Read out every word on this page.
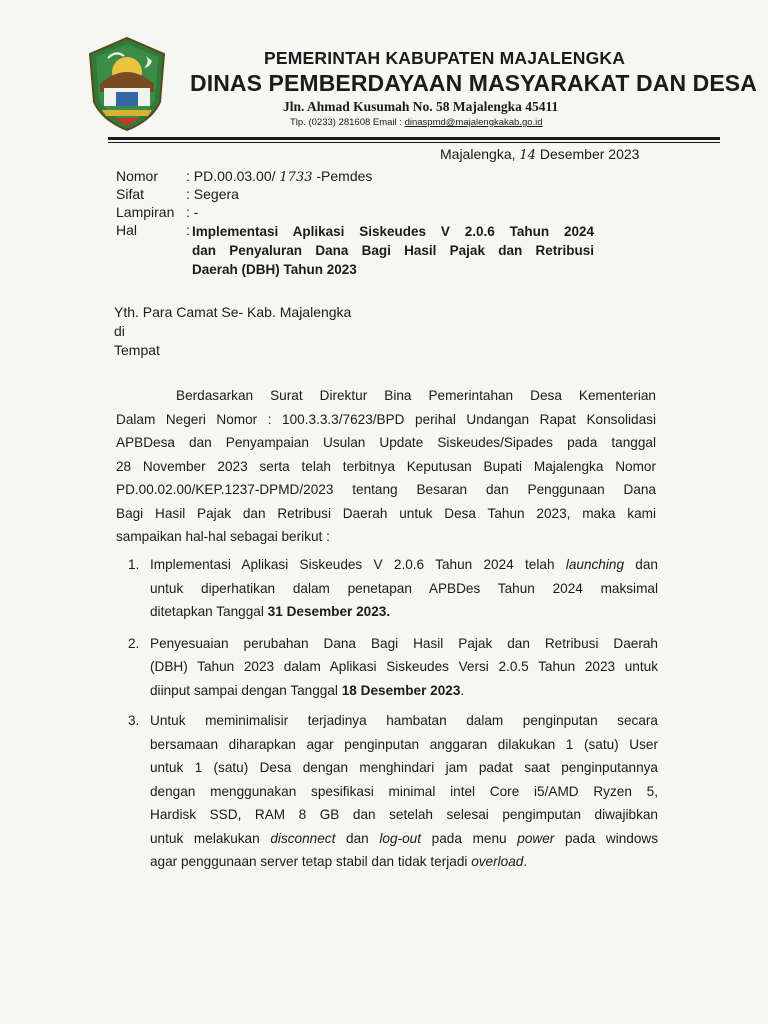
PEMERINTAH KABUPATEN MAJALENGKA
DINAS PEMBERDAYAAN MASYARAKAT DAN DESA
Jln. Ahmad Kusumah No. 58 Majalengka 45411
Tlp. (0233) 281608 Email : dinaspmd@majalengkakab.go.id
Majalengka, 14 Desember 2023
Nomor	: PD.00.03.00/ 1733 -Pemdes
Sifat	: Segera
Lampiran : -
Hal	: Implementasi Aplikasi Siskeudes V 2.0.6 Tahun 2024
dan Penyaluran Dana Bagi Hasil Pajak dan Retribusi
Daerah (DBH) Tahun 2023
Yth. Para Camat Se- Kab. Majalengka
di
Tempat
Berdasarkan Surat Direktur Bina Pemerintahan Desa Kementerian
Dalam Negeri Nomor : 100.3.3.3/7623/BPD perihal Undangan Rapat Konsolidasi
APBDesa dan Penyampaian Usulan Update Siskeudes/Sipades pada tanggal
28 November 2023 serta telah terbitnya Keputusan Bupati Majalengka Nomor
PD.00.02.00/KEP.1237-DPMD/2023 tentang Besaran dan Penggunaan Dana
Bagi Hasil Pajak dan Retribusi Daerah untuk Desa Tahun 2023, maka kami
sampaikan hal-hal sebagai berikut :
1. Implementasi Aplikasi Siskeudes V 2.0.6 Tahun 2024 telah launching dan
untuk diperhatikan dalam penetapan APBDes Tahun 2024 maksimal
ditetapkan Tanggal 31 Desember 2023.
2. Penyesuaian perubahan Dana Bagi Hasil Pajak dan Retribusi Daerah
(DBH) Tahun 2023 dalam Aplikasi Siskeudes Versi 2.0.5 Tahun 2023 untuk
diinput sampai dengan Tanggal 18 Desember 2023.
3. Untuk meminimalisir terjadinya hambatan dalam penginputan secara
bersamaan diharapkan agar penginputan anggaran dilakukan 1 (satu) User
untuk 1 (satu) Desa dengan menghindari jam padat saat penginputannya
dengan menggunakan spesifikasi minimal intel Core i5/AMD Ryzen 5,
Hardisk SSD, RAM 8 GB dan setelah selesai pengimputan diwajibkan
untuk melakukan disconnect dan log-out pada menu power pada windows
agar penggunaan server tetap stabil dan tidak terjadi overload.
